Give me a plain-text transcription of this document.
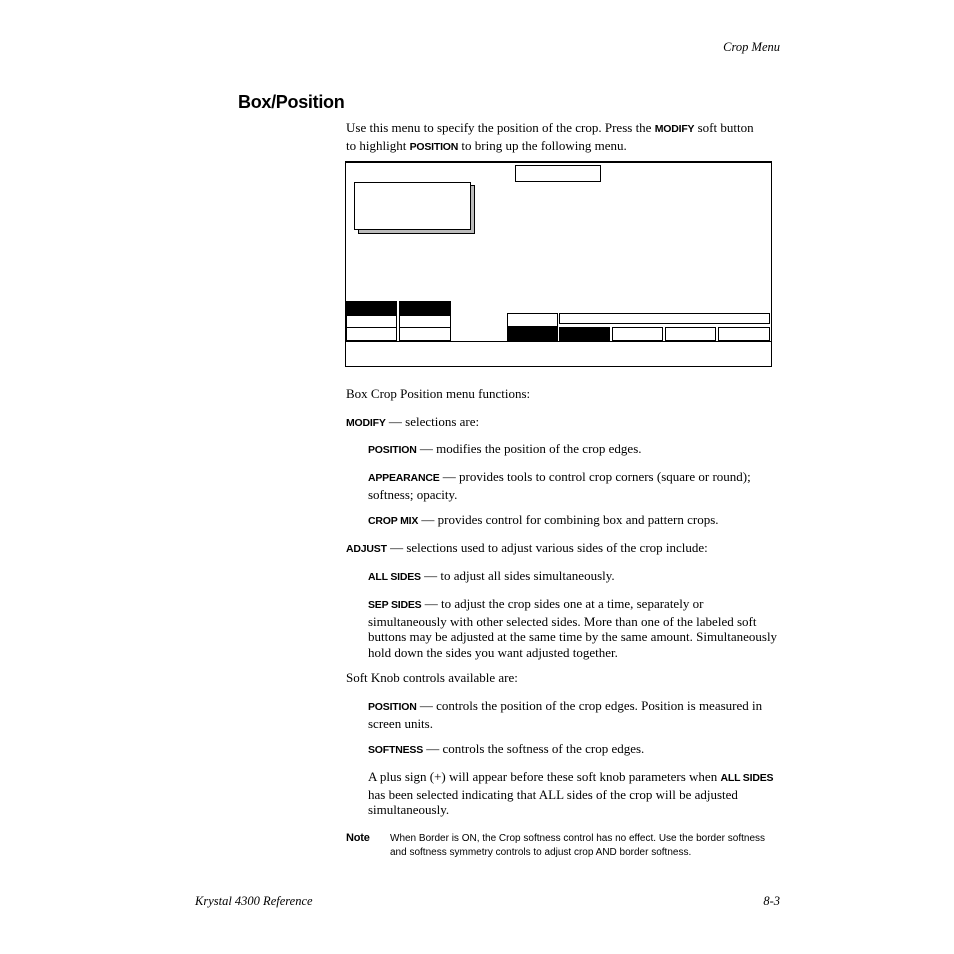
Crop Menu
Box/Position

Use this menu to specify the position of the crop. Press the MODIFY soft button to highlight POSITION to bring up the following menu.

Box Crop Position menu functions:

MODIFY — selections are:

POSITION — modifies the position of the crop edges.

APPEARANCE — provides tools to control crop corners (square or round); softness; opacity.

CROP MIX — provides control for combining box and pattern crops.

ADJUST — selections used to adjust various sides of the crop include:

ALL SIDES — to adjust all sides simultaneously.

SEP SIDES — to adjust the crop sides one at a time, separately or simultaneously with other selected sides. More than one of the labeled soft buttons may be adjusted at the same time by the same amount. Simultaneously hold down the sides you want adjusted together.

Soft Knob controls available are:

POSITION — controls the position of the crop edges. Position is measured in screen units.

SOFTNESS — controls the softness of the crop edges.

A plus sign (+) will appear before these soft knob parameters when ALL SIDES has been selected indicating that ALL sides of the crop will be adjusted simultaneously.

Note When Border is ON, the Crop softness control has no effect. Use the border softness and softness symmetry controls to adjust crop AND border softness.

Krystal 4300 Reference	8-3
